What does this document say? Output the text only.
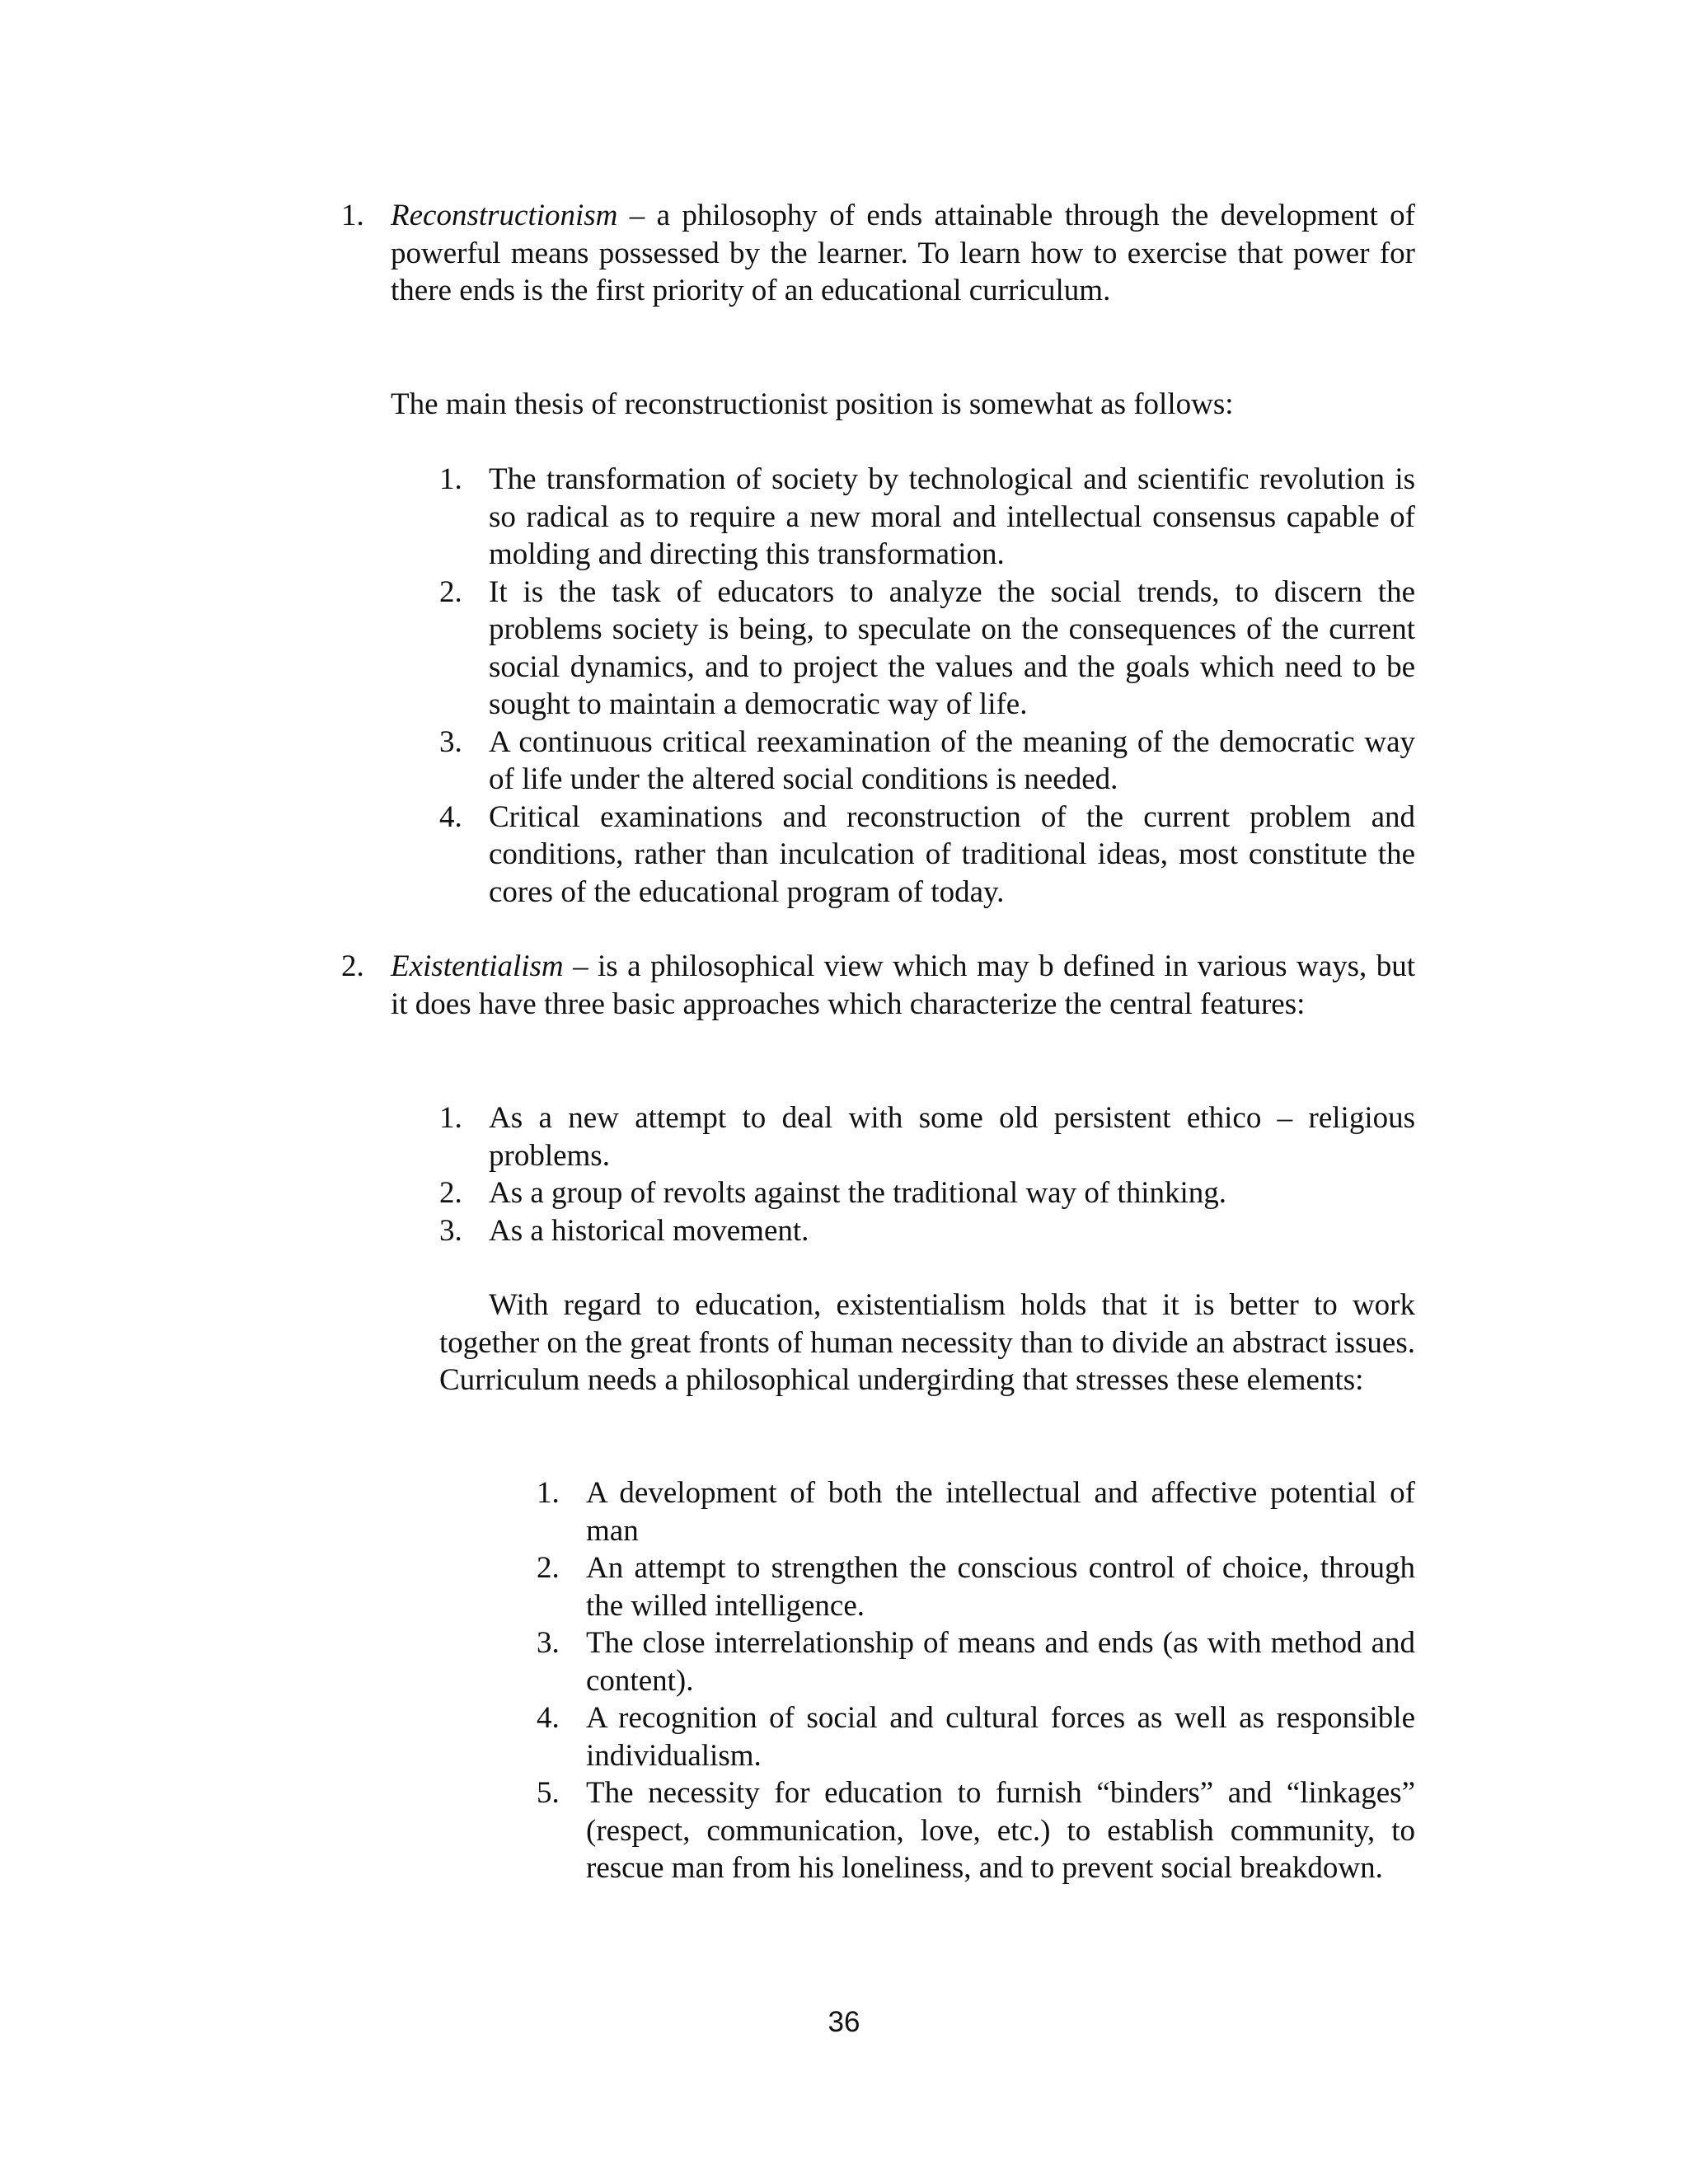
1. Reconstructionism – a philosophy of ends attainable through the development of powerful means possessed by the learner. To learn how to exercise that power for there ends is the first priority of an educational curriculum.

The main thesis of reconstructionist position is somewhat as follows:

1. The transformation of society by technological and scientific revolution is so radical as to require a new moral and intellectual consensus capable of molding and directing this transformation.
2. It is the task of educators to analyze the social trends, to discern the problems society is being, to speculate on the consequences of the current social dynamics, and to project the values and the goals which need to be sought to maintain a democratic way of life.
3. A continuous critical reexamination of the meaning of the democratic way of life under the altered social conditions is needed.
4. Critical examinations and reconstruction of the current problem and conditions, rather than inculcation of traditional ideas, most constitute the cores of the educational program of today.
2. Existentialism – is a philosophical view which may b defined in various ways, but it does have three basic approaches which characterize the central features:

1. As a new attempt to deal with some old persistent ethico – religious problems.
2. As a group of revolts against the traditional way of thinking.
3. As a historical movement.

With regard to education, existentialism holds that it is better to work together on the great fronts of human necessity than to divide an abstract issues. Curriculum needs a philosophical undergirding that stresses these elements:

1. A development of both the intellectual and affective potential of man
2. An attempt to strengthen the conscious control of choice, through the willed intelligence.
3. The close interrelationship of means and ends (as with method and content).
4. A recognition of social and cultural forces as well as responsible individualism.
5. The necessity for education to furnish “binders” and “linkages” (respect, communication, love, etc.) to establish community, to rescue man from his loneliness, and to prevent social breakdown.
36
